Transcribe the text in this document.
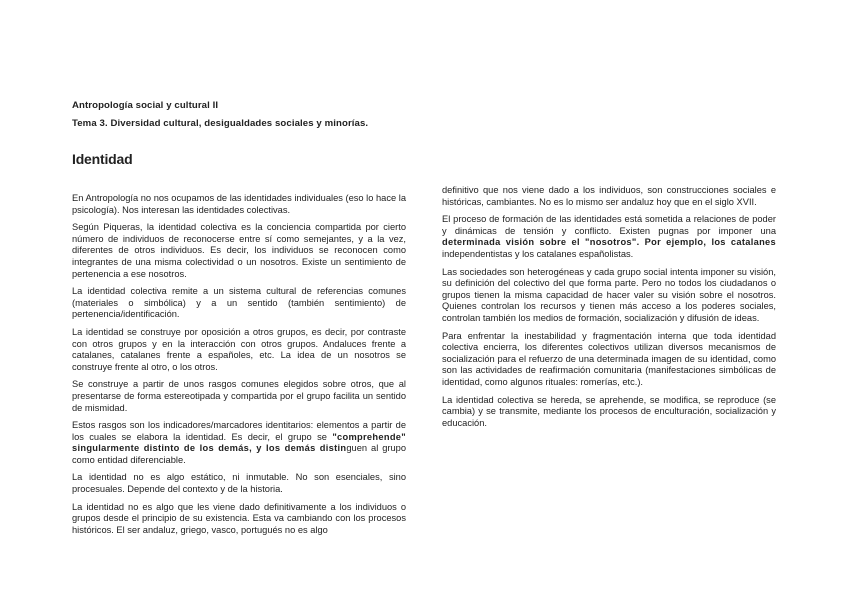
Antropología social y cultural II
Tema 3. Diversidad cultural, desigualdades sociales y minorías.
Identidad

En Antropología no nos ocupamos de las identidades individuales (eso lo hace la psicología). Nos interesan las identidades colectivas.

Según Piqueras, la identidad colectiva es la conciencia compartida por cierto número de individuos de reconocerse entre sí como semejantes, y a la vez, diferentes de otros individuos. Es decir, los individuos se reconocen como integrantes de una misma colectividad o un nosotros. Existe un sentimiento de pertenencia a ese nosotros.

La identidad colectiva remite a un sistema cultural de referencias comunes (materiales o simbólica) y a un sentido (también sentimiento) de pertenencia/identificación.

La identidad se construye por oposición a otros grupos, es decir, por contraste con otros grupos y en la interacción con otros grupos. Andaluces frente a catalanes, catalanes frente a españoles, etc. La idea de un nosotros se construye frente al otro, o los otros.

Se construye a partir de unos rasgos comunes elegidos sobre otros, que al presentarse de forma estereotipada y compartida por el grupo facilita un sentido de mismidad.

Estos rasgos son los indicadores/marcadores identitarios: elementos a partir de los cuales se elabora la identidad. Es decir, el grupo se "comprehende" singularmente distinto de los demás, y los demás distinguen al grupo como entidad diferenciable.

La identidad no es algo estático, ni inmutable. No son esenciales, sino procesuales. Depende del contexto y de la historia.

La identidad no es algo que les viene dado definitivamente a los individuos o grupos desde el principio de su existencia. Esta va cambiando con los procesos históricos. El ser andaluz, griego, vasco, portugués no es algo

definitivo que nos viene dado a los individuos, son construcciones sociales e históricas, cambiantes. No es lo mismo ser andaluz hoy que en el siglo XVII.

El proceso de formación de las identidades está sometida a relaciones de poder y dinámicas de tensión y conflicto. Existen pugnas por imponer una determinada visión sobre el "nosotros". Por ejemplo, los catalanes independentistas y los catalanes españolistas.

Las sociedades son heterogéneas y cada grupo social intenta imponer su visión, su definición del colectivo del que forma parte. Pero no todos los ciudadanos o grupos tienen la misma capacidad de hacer valer su visión sobre el nosotros. Quienes controlan los recursos y tienen más acceso a los poderes sociales, controlan también los medios de formación, socialización y difusión de ideas.

Para enfrentar la inestabilidad y fragmentación interna que toda identidad colectiva encierra, los diferentes colectivos utilizan diversos mecanismos de socialización para el refuerzo de una determinada imagen de su identidad, como son las actividades de reafirmación comunitaria (manifestaciones simbólicas de identidad, como algunos rituales: romerías, etc.).

La identidad colectiva se hereda, se aprehende, se modifica, se reproduce (se cambia) y se transmite, mediante los procesos de enculturación, socialización y educación.
